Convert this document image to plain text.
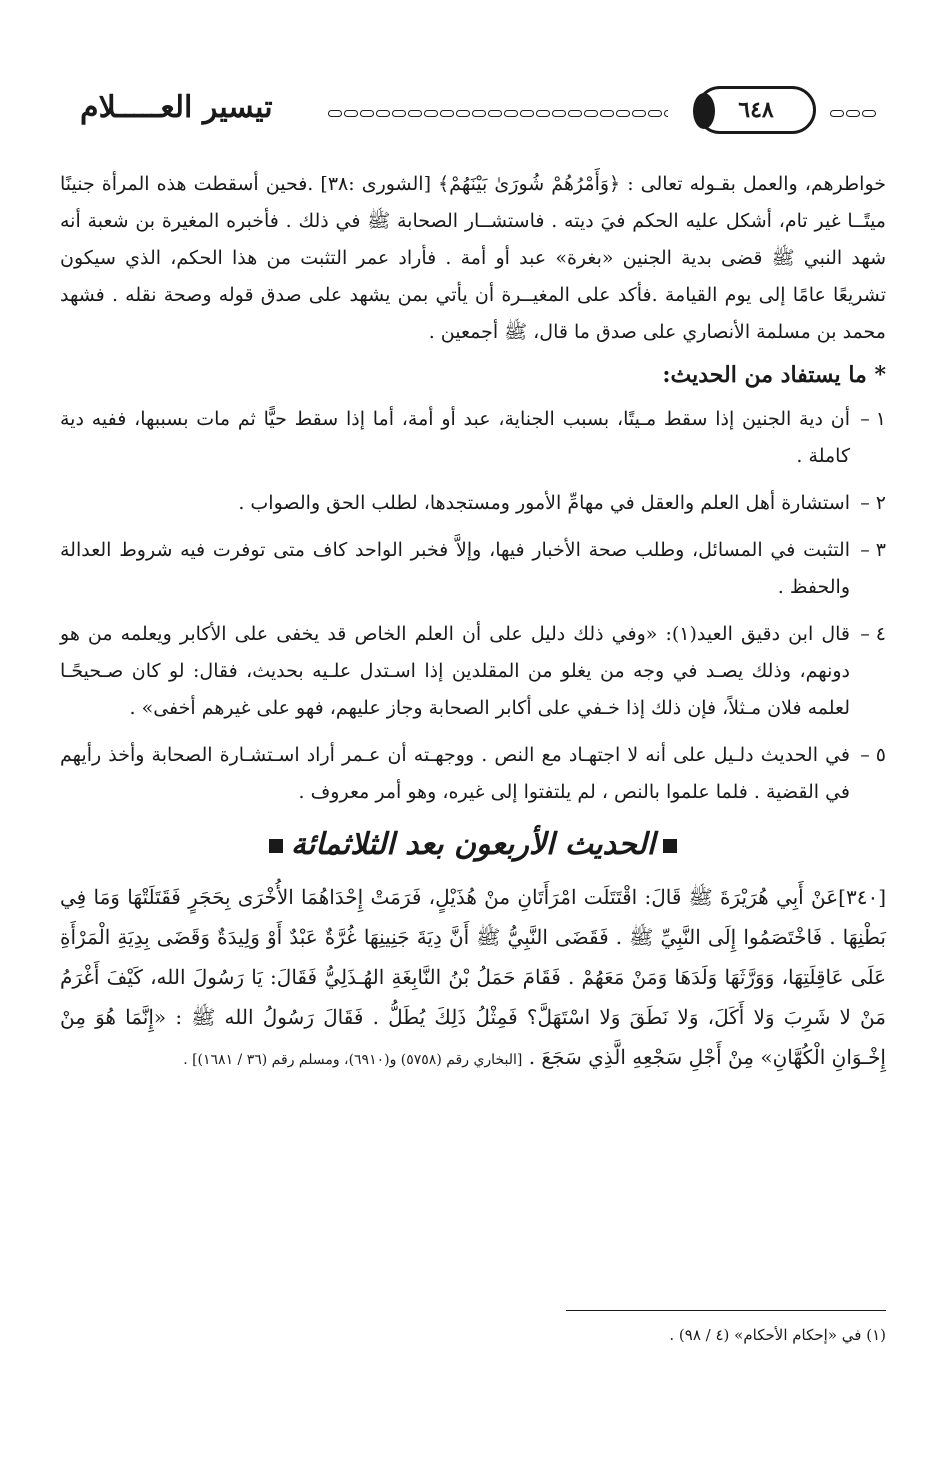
تيسير العـــــلام	٦٤٨

خواطرهم، والعمل بقـوله تعالى : ﴿وَأَمْرُهُمْ شُورَىٰ بَيْنَهُمْ﴾ [الشورى :٣٨] .فحين أسقطت هذه المرأة جنينًا ميتًــا غير تام، أشكل عليه الحكم فيَ ديته . فاستشــار الصحابة ﷺ في ذلك . فأخبره المغيرة بن شعبة أنه شهد النبي ﷺ قضى بدية الجنين «بغرة» عبد أو أمة . فأراد عمر التثبت من هذا الحكم، الذي سيكون تشريعًا عامًا إلى يوم القيامة .فأكد على المغيــرة أن يأتي بمن يشهد على صدق قوله وصحة نقله . فشهد محمد بن مسلمة الأنصاري على صدق ما قال، ﷺ أجمعين .

* ما يستفاد من الحديث:

١ –
أن دية الجنين إذا سقط مـيتًا، بسبب الجناية، عبد أو أمة، أما إذا سقط حيًّا ثم مات بسببها، ففيه دية كاملة .
٢ –
استشارة أهل العلم والعقل في مهامِّ الأمور ومستجدها، لطلب الحق والصواب .
٣ –
التثبت في المسائل، وطلب صحة الأخبار فيها، وإلاَّ فخبر الواحد كاف متى توفرت فيه شروط العدالة والحفظ .
٤ –
قال ابن دقيق العيد(١): «وفي ذلك دليل على أن العلم الخاص قد يخفى على الأكابر ويعلمه من هو دونهم، وذلك يصـد في وجه من يغلو من المقلدين إذا اسـتدل علـيه بحديث، فقال: لو كان صـحيحًـا لعلمه فلان مـثلاً، فإن ذلك إذا خـفي على أكابر الصحابة وجاز عليهم، فهو على غيرهم أخفى» .
٥ –
في الحديث دلـيل على أنه لا اجتهـاد مع النص . ووجهـته أن عـمر أراد اسـتشـارة الصحابة وأخذ رأيهم في القضية . فلما علموا بالنص ، لم يلتفتوا إلى غيره، وهو أمر معروف .

الحديث الأربعون بعد الثلاثمائة

[٣٤٠]عَنْ أَبِي هُرَيْرَةَ ﷺ قَالَ: اقْتَتَلَت امْرَأَتَانِ منْ هُذَيْلٍ، فَرَمَتْ إِحْدَاهُمَا الأُخْرَى بِحَجَرٍ فَقَتَلَتْهَا وَمَا فِي بَطْنِهَا . فَاخْتَصَمُوا إِلَى النَّبِيِّ ﷺ . فَقَضَى النَّبِيُّ ﷺ أَنَّ دِيَةَ جَنِينِهَا غُرَّةٌ عَبْدٌ أَوْ وَلِيدَةٌ وَقَضَى بِدِيَةِ الْمَرْأَةِ عَلَى عَاقِلَتِهَا، وَوَرَّثَهَا وَلَدَهَا وَمَنْ مَعَهُمْ . فَقَامَ حَمَلُ بْنُ النَّابِغَةِ الهُـذَلِيُّ فَقَالَ: يَا رَسُولَ الله، كَيْفَ أَغْرَمُ مَنْ لا شَرِبَ وَلا أَكَلَ، وَلا نَطَقَ وَلا اسْتَهَلَّ؟ فَمِثْلُ ذَلِكَ يُطَلُّ . فَقَالَ رَسُولُ الله ﷺ : «إِنَّمَا هُوَ مِنْ إِخْـوَانِ الْكُهَّانِ» مِنْ أَجْلِ سَجْعِهِ الَّذِي سَجَعَ . [البخاري رقم (٥٧٥٨) و(٦٩١٠)، ومسلم رقم (٣٦ / ١٦٨١)] .

(١) في «إحكام الأحكام» (٤ / ٩٨) .
